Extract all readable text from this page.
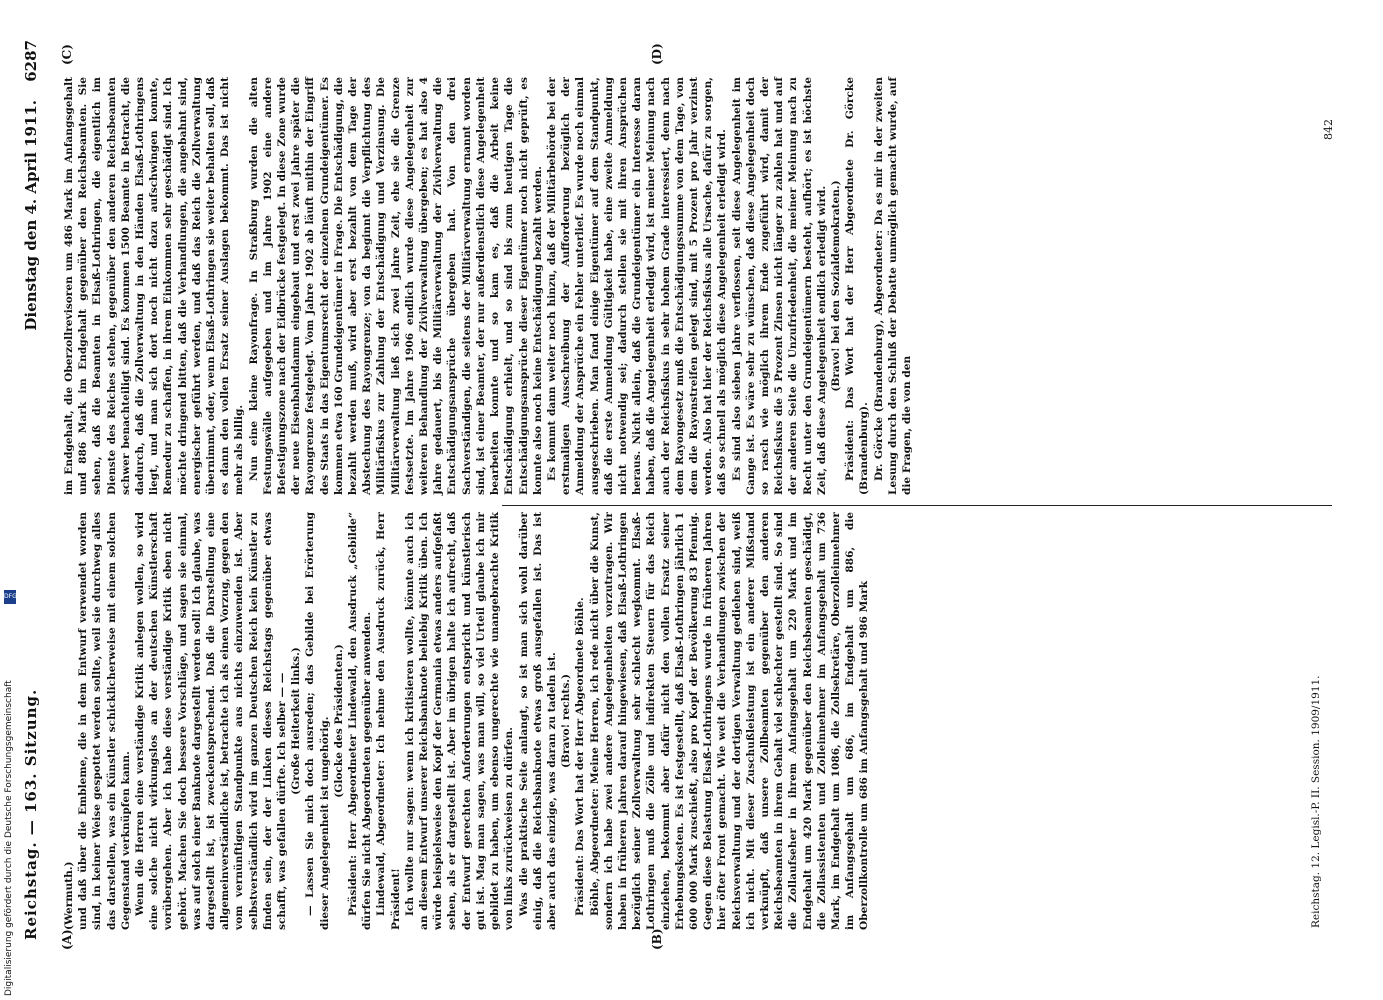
Reichstag. — 163. Sitzung.
Dienstag den 4. April 1911.
6287
(A)	(B)
(C)	(D)

(Wermuth.) und daß über die Embleme, die in dem Entwurf verwendet worden sind, in keiner Weise gespottet werden sollte, weil sie durchweg alles das darstellen, was ein Künstler schicklicherweise mit einem solchen Gegenstand verknüpfen kann. Wenn die Herren eine verständige Kritik anlegen wollen, so wird eine solche nicht wirkungslos an der deutschen Künstlerschaft vorübergehen. Aber ich habe diese verständige Kritik eben nicht gehört. Machen Sie doch bessere Vorschläge, und sagen sie einmal, was auf solch einer Banknote dargestellt werden soll! Ich glaube, was dargestellt ist, ist zweckentsprechend. Daß die Darstellung eine allgemeinverständliche ist, betrachte ich als einen Vorzug, gegen den vom vernünftigen Standpunkte aus nichts einzuwenden ist. Aber selbstverständlich wird im ganzen Deutschen Reich kein Künstler zu finden sein, der der Linken dieses Reichstags gegenüber etwas schafft, was gefallen dürfte. Ich selber — — (Große Heiterkeit links.) — Lassen Sie mich doch ausreden; das Gebilde bei Erörterung dieser Angelegenheit ist ungehörig. (Glocke des Präsidenten.) Präsident: Herr Abgeordneter Lindewald, den Ausdruck „Gebilde“ dürfen Sie nicht Abgeordneten gegenüber anwenden. Lindewald, Abgeordneter: Ich nehme den Ausdruck zurück, Herr Präsident! Ich wollte nur sagen: wenn ich kritisieren wollte, könnte auch ich an diesem Entwurf unserer Reichsbanknote beliebig Kritik üben. Ich würde beispielsweise den Kopf der Germania etwas anders aufgefaßt sehen, als er dargestellt ist. Aber im übrigen halte ich aufrecht, daß der Entwurf gerechten Anforderungen entspricht und künstlerisch gut ist. Mag man sagen, was man will, so viel Urteil glaube ich mir gebildet zu haben, um ebenso ungerechte wie unangebrachte Kritik von links zurückweisen zu dürfen. Was die praktische Seite anlangt, so ist man sich wohl darüber einig, daß die Reichsbanknote etwas groß ausgefallen ist. Das ist aber auch das einzige, was daran zu tadeln ist. (Bravo! rechts.) Präsident: Das Wort hat der Herr Abgeordnete Böhle. Böhle, Abgeordneter: Meine Herren, ich rede nicht über die Kunst, sondern ich habe zwei andere Angelegenheiten vorzutragen. Wir haben in früheren Jahren darauf hingewiesen, daß Elsaß-Lothringen bezüglich seiner Zollverwaltung sehr schlecht wegkommt. Elsaß-Lothringen muß die Zölle und indirekten Steuern für das Reich einziehen, bekommt aber dafür nicht den vollen Ersatz seiner Erhebungskosten. Es ist festgestellt, daß Elsaß-Lothringen jährlich 1 600 000 Mark zuschießt, also pro Kopf der Bevölkerung 83 Pfennig. Gegen diese Belastung Elsaß-Lothringens wurde in früheren Jahren hier öfter Front gemacht. Wie weit die Verhandlungen zwischen der Reichsverwaltung und der dortigen Verwaltung gediehen sind, weiß ich nicht. Mit dieser Zuschußleistung ist ein anderer Mißstand verknüpft, daß unsere Zollbeamten gegenüber den anderen Reichsbeamten in ihrem Gehalt viel schlechter gestellt sind. So sind die Zollaufseher in ihrem Anfangsgehalt um 220 Mark und im Endgehalt um 420 Mark gegenüber den Reichsbeamten geschädigt, die Zollassistenten und Zolleinnehmer im Anfangsgehalt um 736 Mark, im Endgehalt um 1086, die Zollsekretäre, Oberzolleinnehmer im Anfangsgehalt um 686, im Endgehalt um 886, die Oberzollkontrolle um 686 im Anfangsgehalt und 986 Mark

im Endgehalt, die Oberzollrevisoren um 486 Mark im Anfangsgehalt und 886 Mark im Endgehalt gegenüber den Reichsbeamten. Sie sehen, daß die Beamten in Elsaß-Lothringen, die eigentlich im Dienste des Reiches stehen, gegenüber den anderen Reichsbeamten schwer benachteiligt sind. Es kommen 1500 Beamte in Betracht, die dadurch, daß die Zollverwaltung in den Händen Elsaß-Lothringens liegt, und man sich dort noch nicht dazu aufschwingen konnte, Remedur zu schaffen, in ihrem Einkommen sehr geschädigt sind. Ich möchte dringend bitten, daß die Verhandlungen, die angebahnt sind, energischer geführt werden, und daß das Reich die Zollverwaltung übernimmt, oder, wenn Elsaß-Lothringen sie weiter behalten soll, daß es dann den vollen Ersatz seiner Auslagen bekommt. Das ist nicht mehr als billig. Nun eine kleine Rayonfrage. In Straßburg wurden die alten Festungswälle aufgegeben und im Jahre 1902 eine andere Befestigungszone nach der Eidbrücke festgelegt. In diese Zone wurde der neue Eisenbahndamm eingebaut und erst zwei Jahre später die Rayongrenze festgelegt. Vom Jahre 1902 ab läuft mithin der Eingriff des Staats in das Eigentumsrecht der einzelnen Grundeigentümer. Es kommen etwa 160 Grundeigentümer in Frage. Die Entschädigung, die bezahlt werden muß, wird aber erst bezahlt von dem Tage der Abstechung des Rayongrenze; von da beginnt die Verpflichtung des Militärfiskus zur Zahlung der Entschädigung und Verzinsung. Die Militärverwaltung ließ sich zwei Jahre Zeit, ehe sie die Grenze festsetzte. Im Jahre 1906 endlich wurde diese Angelegenheit zur weiteren Behandlung der Zivilverwaltung übergeben; es hat also 4 Jahre gedauert, bis die Militärverwaltung der Zivilverwaltung die Entschädigungsansprüche übergeben hat. Von den drei Sachverständigen, die seitens der Militärverwaltung ernannt worden sind, ist einer Beamter, der nur außerdienstlich diese Angelegenheit bearbeiten konnte und so kam es, daß die Arbeit keine Entschädigung erhielt, und so sind bis zum heutigen Tage die Entschädigungsansprüche dieser Eigentümer noch nicht geprüft, es konnte also noch keine Entschädigung bezahlt werden. Es kommt dann weiter noch hinzu, daß der Militärbehörde bei der erstmaligen Ausschreibung der Aufforderung bezüglich der Anmeldung der Ansprüche ein Fehler unterlief. Es wurde noch einmal ausgeschrieben. Man fand einige Eigentümer auf dem Standpunkt, daß die erste Anmeldung Gültigkeit habe, eine zweite Anmeldung nicht notwendig sei; dadurch stellen sie mit ihren Ansprüchen heraus. Nicht allein, daß die Grundeigentümer ein Interesse daran haben, daß die Angelegenheit erledigt wird, ist meiner Meinung nach auch der Reichsfiskus in sehr hohem Grade interessiert, denn nach dem Rayongesetz muß die Entschädigungssumme von dem Tage, von dem die Rayonstreifen gelegt sind, mit 5 Prozent pro Jahr verzinst werden. Also hat hier der Reichsfiskus alle Ursache, dafür zu sorgen, daß so schnell als möglich diese Angelegenheit erledigt wird. Es sind also sieben Jahre verflossen, seit diese Angelegenheit im Gange ist. Es wäre sehr zu wünschen, daß diese Angelegenheit doch so rasch wie möglich ihrem Ende zugeführt wird, damit der Reichsfiskus die 5 Prozent Zinsen nicht länger zu zahlen hat und auf der anderen Seite die Unzufriedenheit, die meiner Meinung nach zu Recht unter den Grundeigentümern besteht, aufhört; es ist höchste Zeit, daß diese Angelegenheit endlich erledigt wird. (Bravo! bei den Sozialdemokraten.) Präsident: Das Wort hat der Herr Abgeordnete Dr. Görcke (Brandenburg). Dr. Görcke (Brandenburg), Abgeordneter: Da es mir in der zweiten Lesung durch den Schluß der Debatte unmöglich gemacht wurde, auf die Fragen, die von den

Reichstag. 12. Legisl.-P. II. Session. 1909/1911.
842
DFG
Digitalisierung gefördert durch die Deutsche Forschungsgemeinschaft
